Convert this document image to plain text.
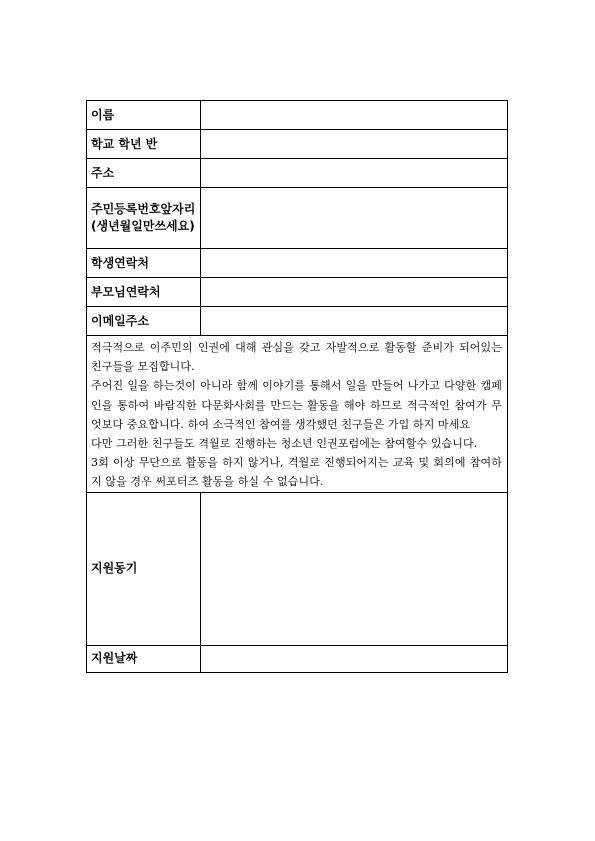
이름	
학교 학년 반	
주소	
주민등록번호앞자리(생년월일만쓰세요)	
학생연락처	
부모님연락처	
이메일주소	

적극적으로 이주민의 인권에 대해 관심을 갖고 자발적으로 활동할 준비가 되어있는 친구들을 모집합니다.

주어진 일을 하는것이 아니라 함께 이야기를 통해서 일을 만들어 나가고 다양한 캠페인을 통하여 바람직한 다문화사회를 만드는 활동을 해야 하므로 적극적인 참여가 무엇보다 중요합니다. 하여 소극적인 참여를 생각했던 친구들은 가입 하지 마세요

다만 그러한 친구들도 격월로 진행하는 청소년 인권포럼에는 참여할수 있습니다.

3회 이상 무단으로 활동을 하지 않거나, 격월로 진행되어지는 교육 및 회의에 참여하지 않을 경우 써포터즈 활동을 하실 수 없습니다.	

지원동기	
지원날짜	
